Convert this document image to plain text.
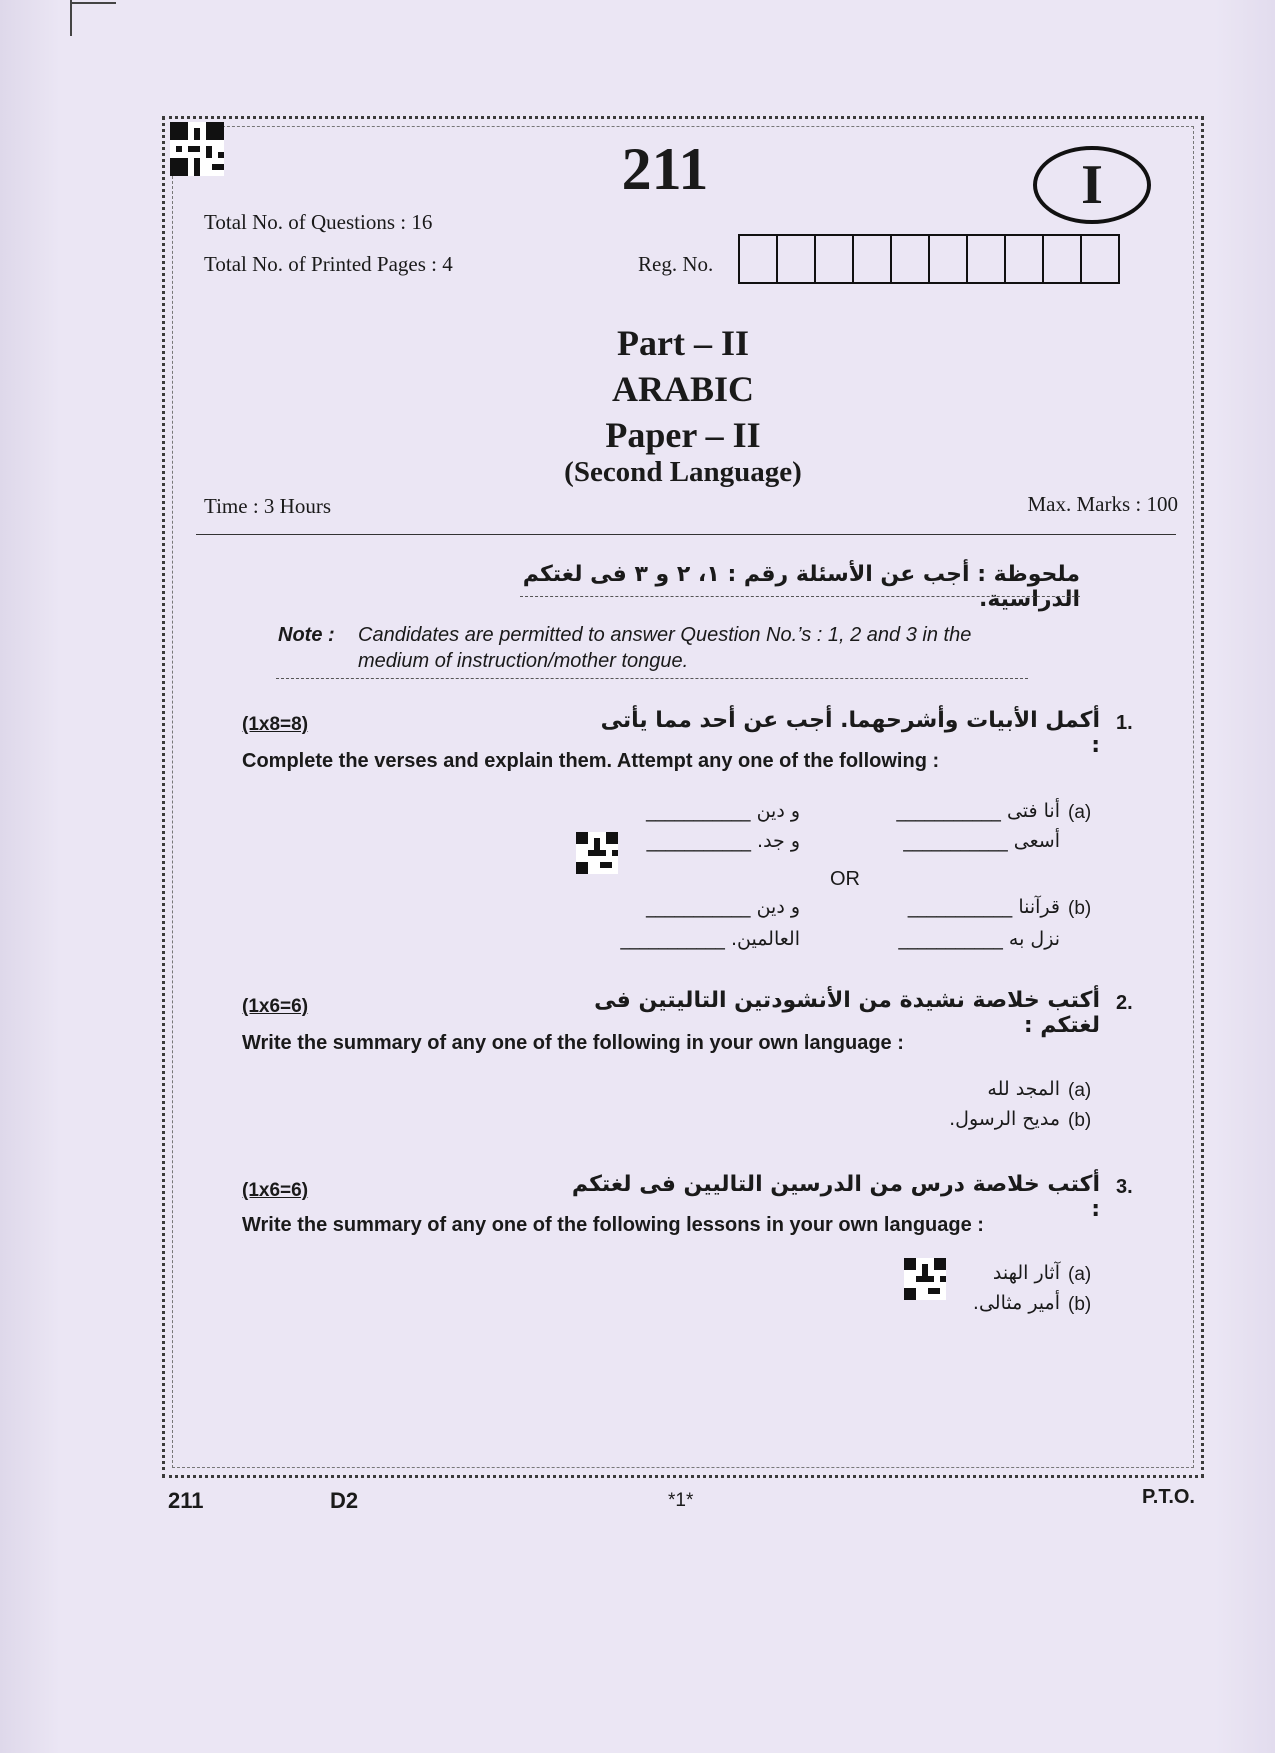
211	I
Total No. of Questions : 16
Total No. of Printed Pages : 4	Reg. No.
Part – II
ARABIC
Paper – II
(Second Language)
Time : 3 Hours	Max. Marks : 100
ملحوظة : أجب عن الأسئلة رقم : ١، ٢ و ٣ فى لغتكم الدراسية.
Note : Candidates are permitted to answer Question No.’s : 1, 2 and 3 in the
medium of instruction/mother tongue.
1.
أكمل الأبيات وأشرحهما. أجب عن أحد مما يأتى :
(1x8=8)
Complete the verses and explain them. Attempt any one of the following :
(a)
أنا فتى ___________
و دين ___________
أسعى ___________
و جد. ___________
OR
(b)
قرآننا ___________
و دين ___________
نزل به ___________
العالمين. ___________
2.
أكتب خلاصة نشيدة من الأنشودتين التاليتين فى لغتكم :
(1x6=6)
Write the summary of any one of the following in your own language :
(a)
المجد لله
(b)
مديح الرسول.
3.
أكتب خلاصة درس من الدرسين التاليين فى لغتكم :
(1x6=6)
Write the summary of any one of the following lessons in your own language :
(a)
آثار الهند
(b)
أمير مثالى.
211	D2	*1*	P.T.O.
